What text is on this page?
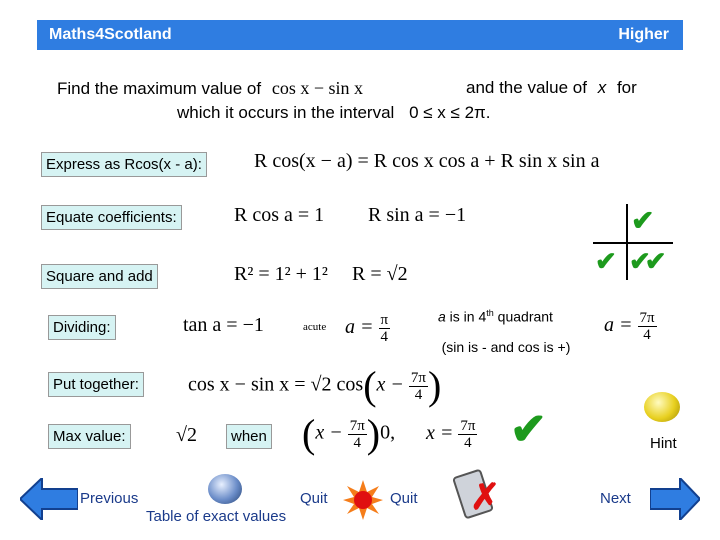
Maths4Scotland	Higher
Find the maximum value of cos x − sin x	and the value of x for
which it occurs in the interval 0 ≤ x ≤ 2π.
Express as Rcos(x - a):	R cos(x − a) = R cos x cos a + R sin x sin a
Equate coefficients:	R cos a = 1 R sin a = −1	✔
✔ ✔✔
Square and add	R² = 1² + 1² R = √2
Dividing:	tan a = −1	acute $a = \frac{\pi}{4}$	a is in 4th quadrant
(sin is - and cos is +)
$a = \frac{7\pi}{4}$
Put together: cos x − sin x = √2 $\cos(x - \frac{7\pi}{4}$ )
Max value:	√2	when $(x - \frac{7\pi}{4} )0$, $x = \frac{7\pi}{4}$ ✔	Hint
Previous
Table of exact values
Quit	Quit ✗	Next
